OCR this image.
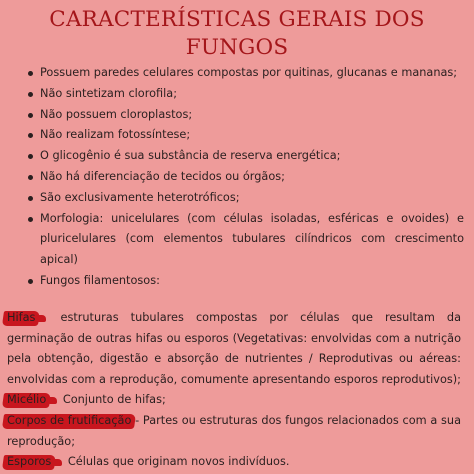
CARACTERÍSTICAS GERAIS DOS
FUNGOS
Possuem paredes celulares compostas por quitinas, glucanas e mananas;
Não sintetizam clorofila;
Não possuem cloroplastos;
Não realizam fotossíntese;
O glicogênio é sua substância de reserva energética;
Não há diferenciação de tecidos ou órgãos;
São exclusivamente heterotróficos;
Morfologia: unicelulares (com células isoladas, esféricas e ovoides) e pluricelulares (com elementos tubulares cilíndricos com crescimento apical)
Fungos filamentosos:

Hifas estruturas tubulares compostas por células que resultam da germinação de outras hifas ou esporos (Vegetativas: envolvidas com a nutrição pela obtenção, digestão e absorção de nutrientes / Reprodutivas ou aéreas: envolvidas com a reprodução, comumente apresentando esporos reprodutivos);

Micélio Conjunto de hifas;

Corpos de frutificação - Partes ou estruturas dos fungos relacionados com a sua reprodução;

Esporos Células que originam novos indivíduos.
